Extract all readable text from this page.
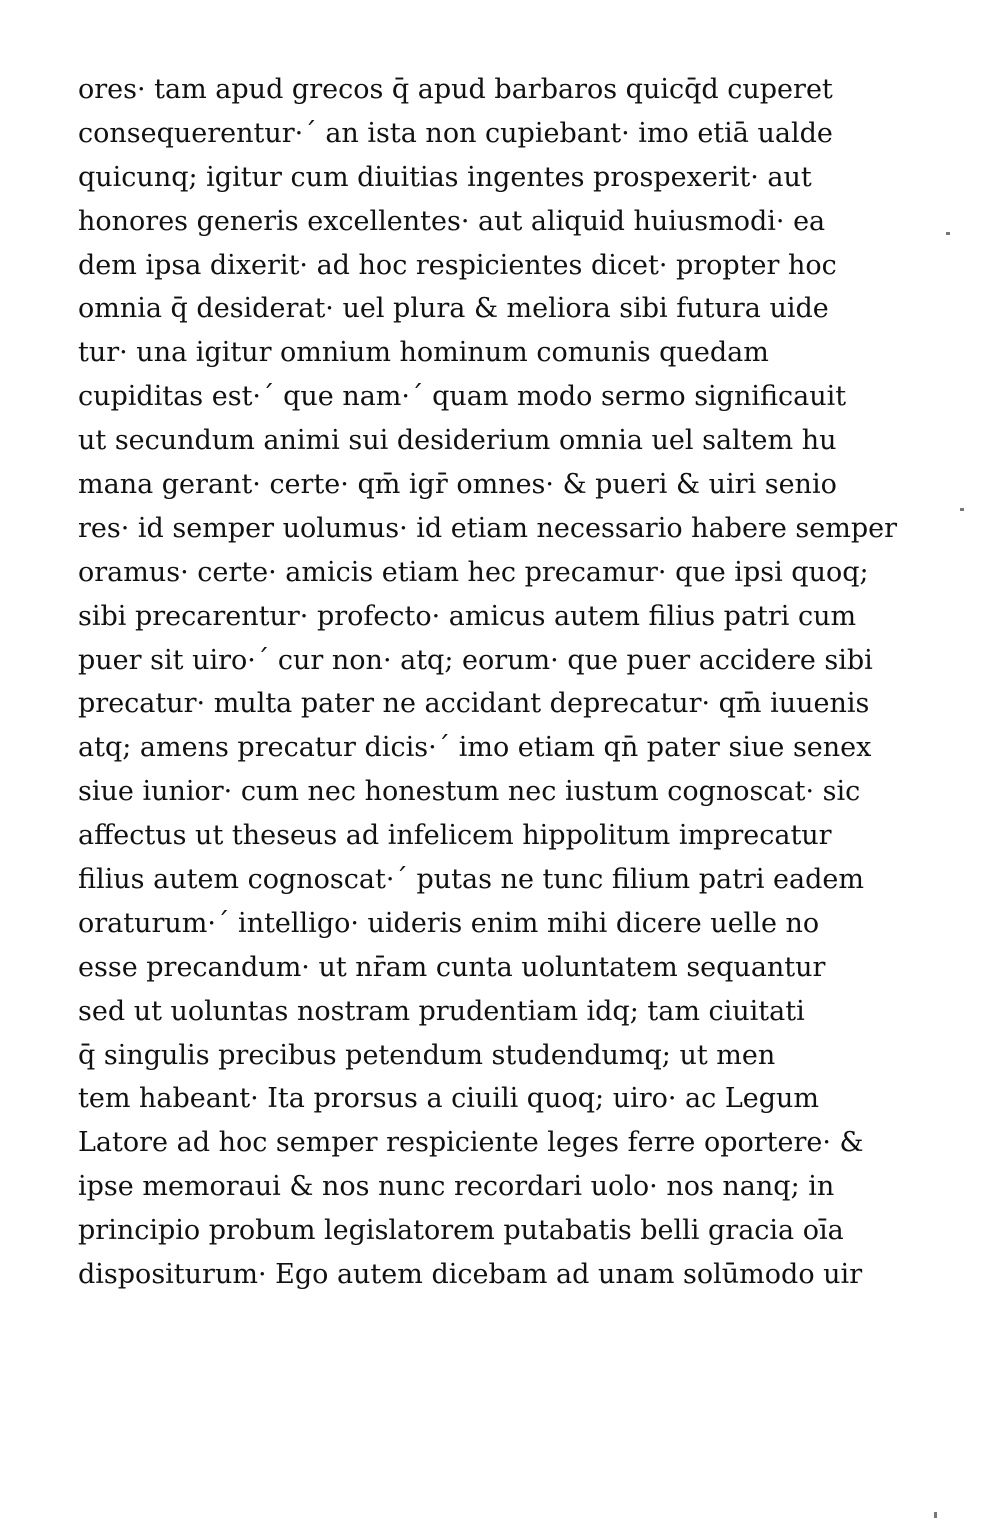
ores· tam apud grecos q̄ apud barbaros quicq̄d cuperet
consequerentur·´ an ista non cupiebant· imo etiā ualde
quicunq; igitur cum diuitias ingentes prospexerit· aut
honores generis excellentes· aut aliquid huiusmodi· ea
dem ipsa dixerit· ad hoc respicientes dicet· propter hoc
omnia q̄ desiderat· uel plura & meliora sibi futura uide
tur· una igitur omnium hominum comunis quedam
cupiditas est·´ que nam·´ quam modo sermo significauit
ut secundum animi sui desiderium omnia uel saltem hu
mana gerant· certe· qm̄ igr̄ omnes· & pueri & uiri senio
res· id semper uolumus· id etiam necessario habere semper
oramus· certe· amicis etiam hec precamur· que ipsi quoq;
sibi precarentur· profecto· amicus autem filius patri cum
puer sit uiro·´ cur non· atq; eorum· que puer accidere sibi
precatur· multa pater ne accidant deprecatur· qm̄ iuuenis
atq; amens precatur dicis·´ imo etiam qn̄ pater siue senex
siue iunior· cum nec honestum nec iustum cognoscat· sic
affectus ut theseus ad infelicem hippolitum imprecatur
filius autem cognoscat·´ putas ne tunc filium patri eadem
oraturum·´ intelligo· uideris enim mihi dicere uelle no
esse precandum· ut nr̄am cunta uoluntatem sequantur
sed ut uoluntas nostram prudentiam idq; tam ciuitati
q̄ singulis precibus petendum studendumq; ut men
tem habeant· Ita prorsus a ciuili quoq; uiro· ac Legum
Latore ad hoc semper respiciente leges ferre oportere· &
ipse memoraui & nos nunc recordari uolo· nos nanq; in
principio probum legislatorem putabatis belli gracia oīa
dispositurum· Ego autem dicebam ad unam solūmodo uir
